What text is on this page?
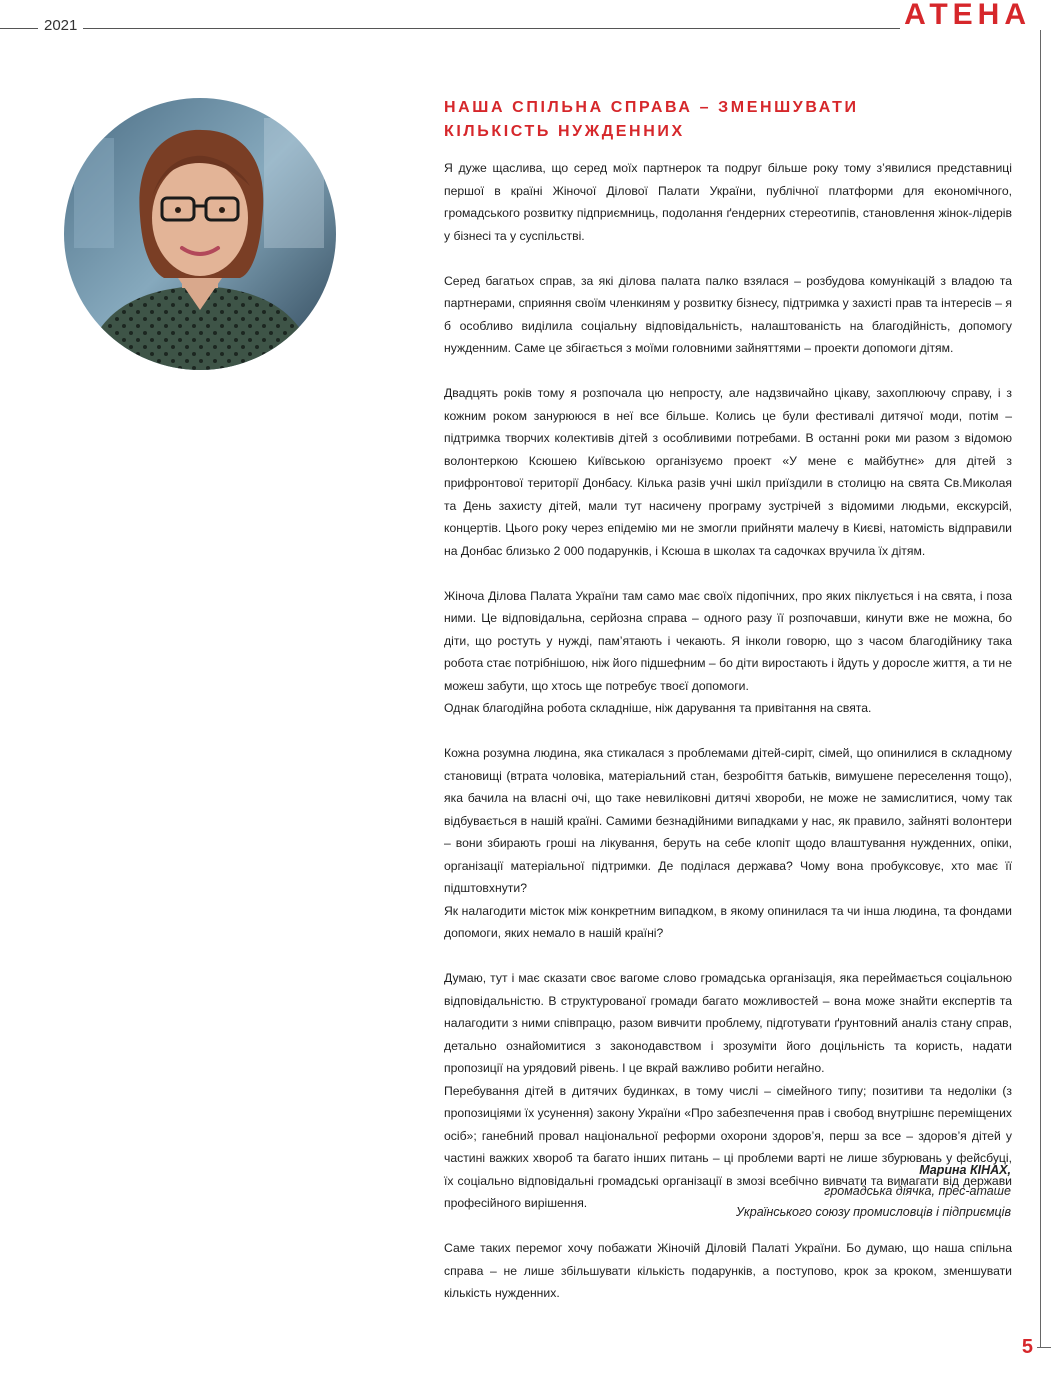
2021	АТЕНА
НАША СПІЛЬНА СПРАВА – ЗМЕНШУВАТИ КІЛЬКІСТЬ НУЖДЕННИХ

Я дуже щаслива, що серед моїх партнерок та подруг більше року тому з’явилися представниці першої в країні Жіночої Ділової Палати України, публічної платформи для економічного, громадського розвитку підприємниць, подолання ґендерних стереотипів, становлення жінок-лідерів у бізнесі та у суспільстві.

Серед багатьох справ, за які ділова палата палко взялася – розбудова комунікацій з владою та партнерами, сприяння своїм членкиням у розвитку бізнесу, підтримка у захисті прав та інтересів – я б особливо виділила соціальну відповідальність, налаштованість на благодійність, допомогу нужденним. Саме це збігається з моїми головними зайняттями – проекти допомоги дітям.

Двадцять років тому я розпочала цю непросту, але надзвичайно цікаву, захоплюючу справу, і з кожним роком занурююся в неї все більше. Колись це були фестивалі дитячої моди, потім – підтримка творчих колективів дітей з особливими потребами. В останні роки ми разом з відомою волонтеркою Ксюшею Київською організуємо проект «У мене є майбутнє» для дітей з прифронтової території Донбасу. Кілька разів учні шкіл приїздили в столицю на свята Св.Миколая та День захисту дітей, мали тут насичену програму зустрічей з відомими людьми, екскурсій, концертів. Цього року через епідемію ми не змогли прийняти малечу в Києві, натомість відправили на Донбас близько 2 000 подарунків, і Ксюша в школах та садочках вручила їх дітям.

Жіноча Ділова Палата України там само має своїх підопічних, про яких піклується і на свята, і поза ними. Це відповідальна, серйозна справа – одного разу її розпочавши, кинути вже не можна, бо діти, що ростуть у нужді, пам’ятають і чекають. Я інколи говорю, що з часом благодійнику така робота стає потрібнішою, ніж його підшефним – бо діти виростають і йдуть у доросле життя, а ти не можеш забути, що хтось ще потребує твоєї допомоги.

Однак благодійна робота складніше, ніж дарування та привітання на свята.

Кожна розумна людина, яка стикалася з проблемами дітей-сиріт, сімей, що опинилися в складному становищі (втрата чоловіка, матеріальний стан, безробіття батьків, вимушене переселення тощо), яка бачила на власні очі, що таке невиліковні дитячі хвороби, не може не замислитися, чому так відбувається в нашій країні. Самими безнадійними випадками у нас, як правило, зайняті волонтери – вони збирають гроші на лікування, беруть на себе клопіт щодо влаштування нужденних, опіки, організації матеріальної підтримки. Де поділася держава? Чому вона пробуксовує, хто має її підштовхнути?

Як налагодити місток між конкретним випадком, в якому опинилася та чи інша людина, та фондами допомоги, яких немало в нашій країні?

Думаю, тут і має сказати своє вагоме слово громадська організація, яка переймається соціальною відповідальністю. В структурованої громади багато можливостей – вона може знайти експертів та налагодити з ними співпрацю, разом вивчити проблему, підготувати ґрунтовний аналіз стану справ, детально ознайомитися з законодавством і зрозуміти його доцільність та користь, надати пропозиції на урядовий рівень. І це вкрай важливо робити негайно.

Перебування дітей в дитячих будинках, в тому числі – сімейного типу; позитиви та недоліки (з пропозиціями їх усунення) закону України «Про забезпечення прав і свобод внутрішнє переміщених осіб»; ганебний провал національної реформи охорони здоров’я, перш за все – здоров’я дітей у частині важких хвороб та багато інших питань – ці проблеми варті не лише збурювань у фейсбуці, їх соціально відповідальні громадські організації в змозі всебічно вивчати та вимагати від держави професійного вирішення.

Саме таких перемог хочу побажати Жіночій Діловій Палаті України. Бо думаю, що наша спільна справа – не лише збільшувати кількість подарунків, а поступово, крок за кроком, зменшувати кількість нужденних.

Марина КІНАХ,
громадська діячка, прес-аташе
Українського союзу промисловців і підприємців
5
